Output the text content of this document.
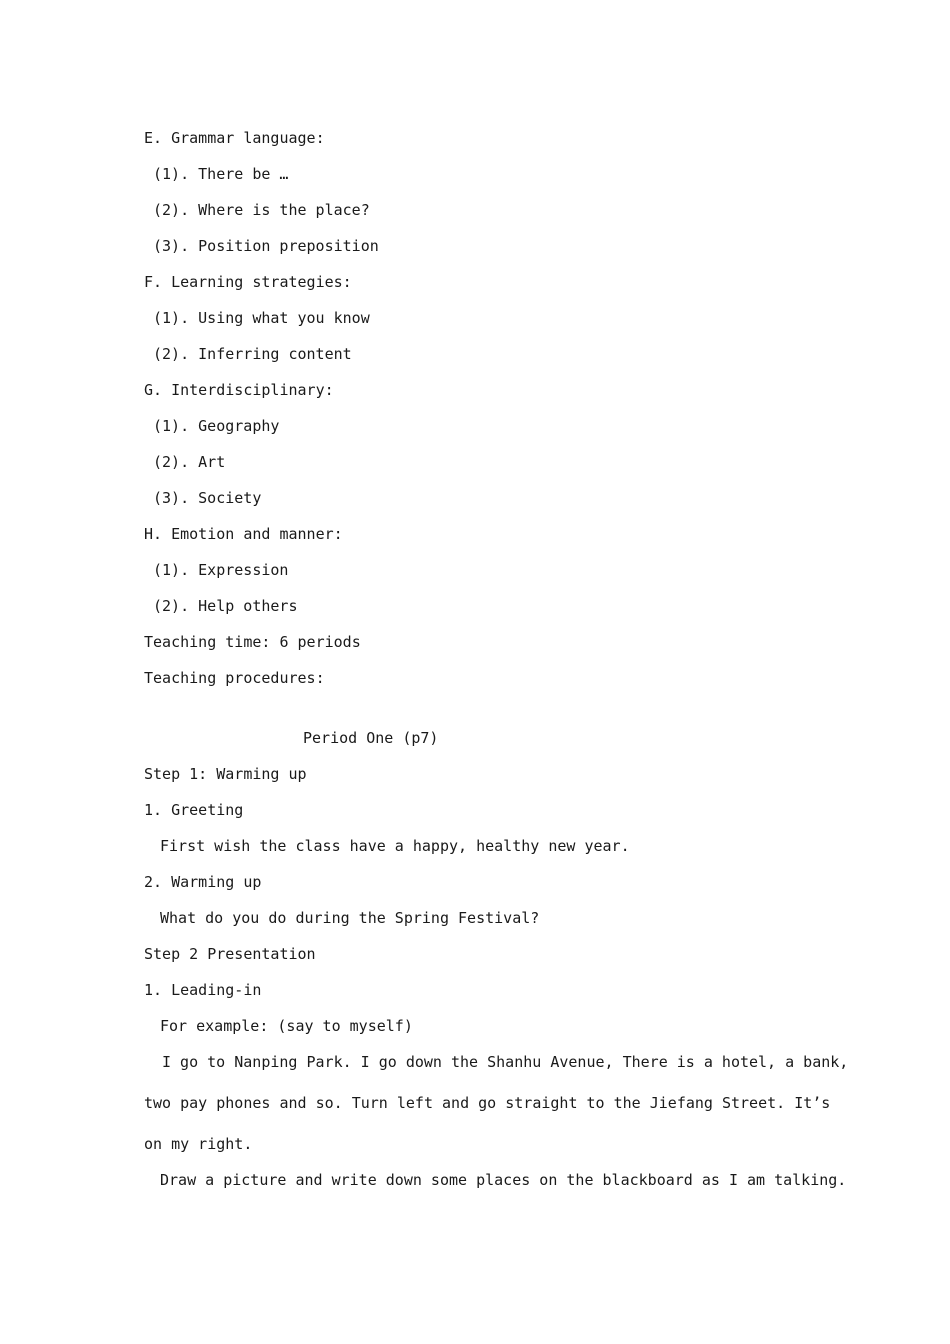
E. Grammar language:
(1). There be …
(2). Where is the place?
(3). Position preposition
F. Learning strategies:
(1). Using what you know
(2). Inferring content
G. Interdisciplinary:
(1). Geography
(2). Art
(3). Society
H. Emotion and manner:
(1). Expression
(2). Help others
Teaching time: 6 periods
Teaching procedures:
Period One (p7)
Step 1: Warming up
1. Greeting
First wish the class have a happy, healthy new year.
2. Warming up
What do you do during the Spring Festival?
Step 2 Presentation
1. Leading-in
For example: (say to myself)
I go to Nanping Park. I go down the Shanhu Avenue, There is a hotel, a bank,
two pay phones and so. Turn left and go straight to the Jiefang Street. It’s
on my right.
Draw a picture and write down some places on the blackboard as I am talking.
